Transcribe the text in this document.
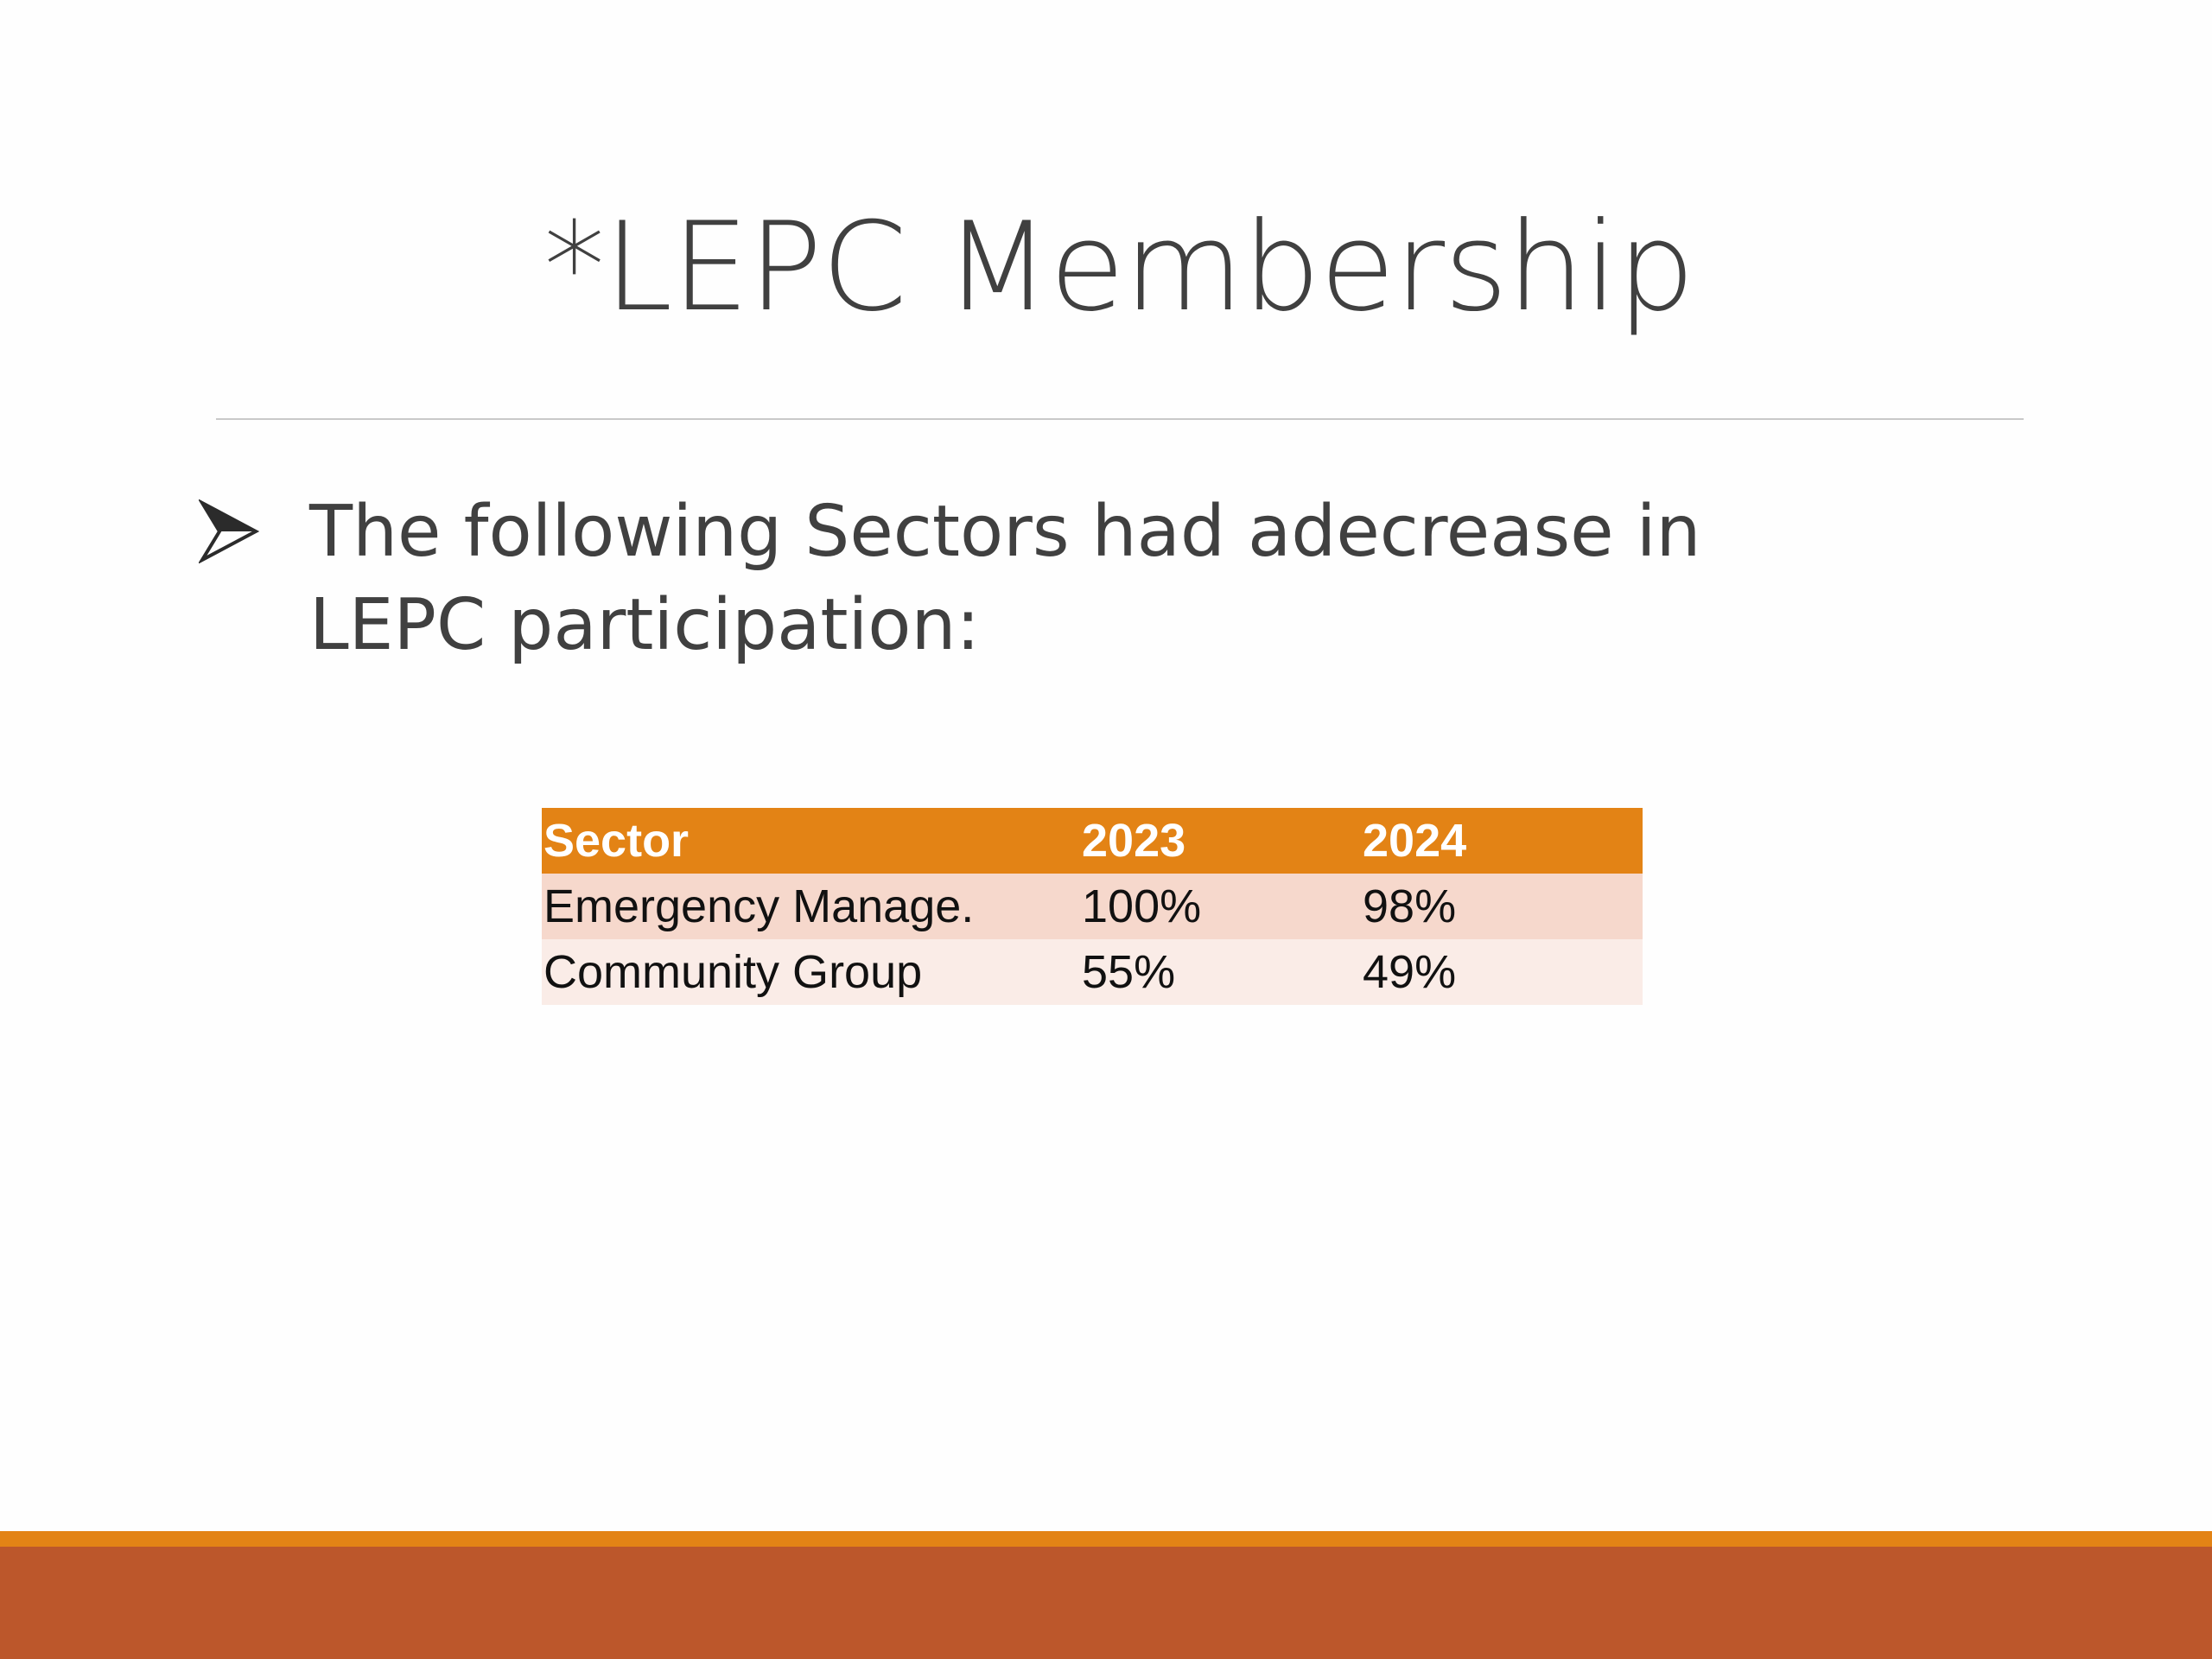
*LEPC Membership
The following Sectors had adecrease in
LEPC participation:
Sector	2023	2024
Emergency Manage.	100%	98%
Community Group	55%	49%
